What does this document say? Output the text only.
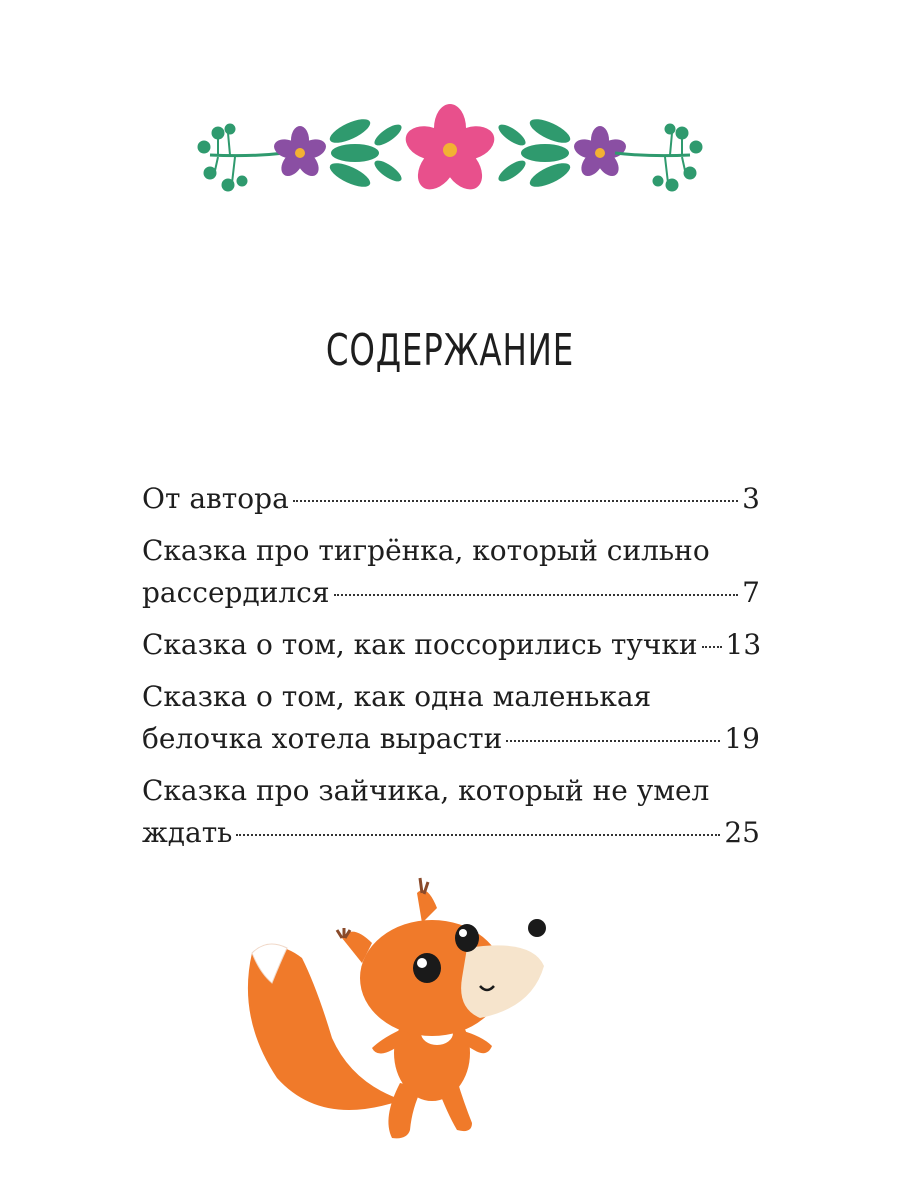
СОДЕРЖАНИЕ
От автора	3
Сказка про тигрёнка, который сильно
рассердился	7
Сказка о том, как поссорились тучки 13
Сказка о том, как одна маленькая
белочка хотела вырасти	19
Сказка про зайчика, который не умел
ждать	25
